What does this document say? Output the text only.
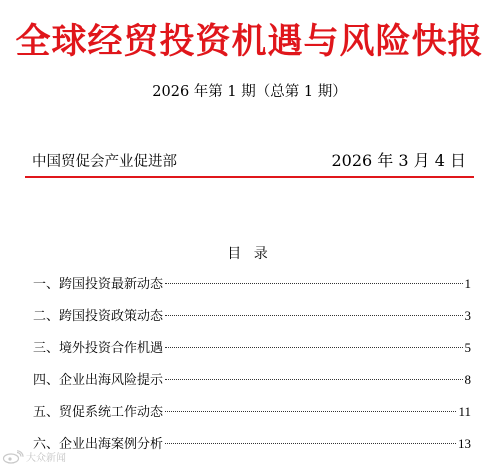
全球经贸投资机遇与风险快报
2026 年第 1 期（总第 1 期）
中国贸促会产业促进部	2026 年 3 月 4 日
目 录
一、跨国投资最新动态	1
二、跨国投资政策动态	3
三、境外投资合作机遇	5
四、企业出海风险提示	8
五、贸促系统工作动态	11
六、企业出海案例分析	13
大众新闻
